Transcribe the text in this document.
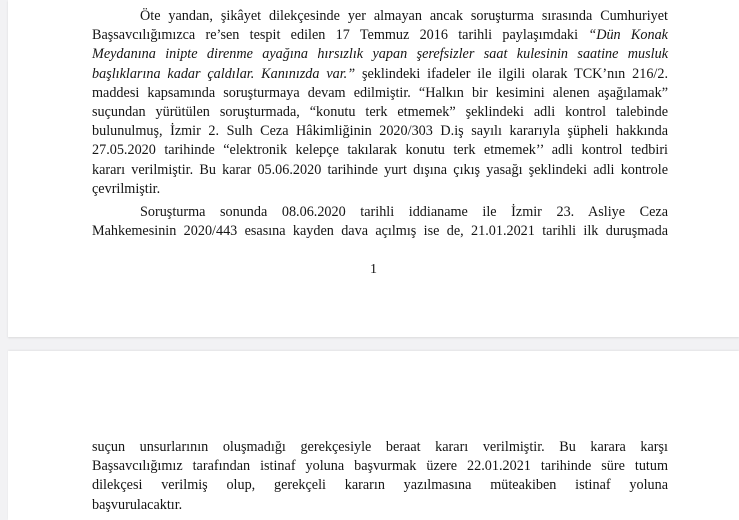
Öte yandan, şikâyet dilekçesinde yer almayan ancak soruşturma sırasında Cumhuriyet
Başsavcılığımızca re’sen tespit edilen 17 Temmuz 2016 tarihli paylaşımdaki “Dün Konak
Meydanına inipte direnme ayağına hırsızlık yapan şerefsizler saat kulesinin saatine musluk
başlıklarına kadar çaldılar. Kanınızda var.” şeklindeki ifadeler ile ilgili olarak TCK’nın 216/2.
maddesi kapsamında soruşturmaya devam edilmiştir. “Halkın bir kesimini alenen aşağılamak”
suçundan yürütülen soruşturmada, “konutu terk etmemek” şeklindeki adli kontrol talebinde
bulunulmuş, İzmir 2. Sulh Ceza Hâkimliğinin 2020/303 D.iş sayılı kararıyla şüpheli hakkında
27.05.2020 tarihinde “elektronik kelepçe takılarak konutu terk etmemek’’ adli kontrol tedbiri
kararı verilmiştir. Bu karar 05.06.2020 tarihinde yurt dışına çıkış yasağı şeklindeki adli kontrole
çevrilmiştir.
Soruşturma sonunda 08.06.2020 tarihli iddianame ile İzmir 23. Asliye Ceza
Mahkemesinin 2020/443 esasına kayden dava açılmış ise de, 21.01.2021 tarihli ilk duruşmada
1
suçun unsurlarının oluşmadığı gerekçesiyle beraat kararı verilmiştir. Bu karara karşı
Başsavcılığımız tarafından istinaf yoluna başvurmak üzere 22.01.2021 tarihinde süre tutum
dilekçesi verilmiş olup, gerekçeli kararın yazılmasına müteakiben istinaf yoluna
başvurulacaktır.
